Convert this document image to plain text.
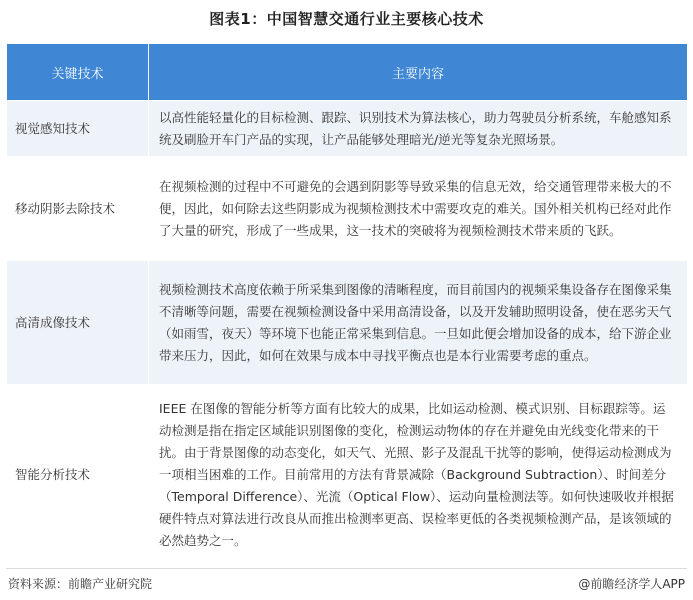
图表1：中国智慧交通行业主要核心技术
关键技术	主要内容
视觉感知技术	以高性能轻量化的目标检测、跟踪、识别技术为算法核心，助力驾驶员分析系统，车舱感知系统及刷脸开车门产品的实现，让产品能够处理暗光/逆光等复杂光照场景。
移动阴影去除技术	在视频检测的过程中不可避免的会遇到阴影等导致采集的信息无效，给交通管理带来极大的不便，因此，如何除去这些阴影成为视频检测技术中需要攻克的难关。国外相关机构已经对此作了大量的研究，形成了一些成果，这一技术的突破将为视频检测技术带来质的飞跃。
高清成像技术	视频检测技术高度依赖于所采集到图像的清晰程度，而目前国内的视频采集设备存在图像采集不清晰等问题，需要在视频检测设备中采用高清设备，以及开发辅助照明设备，使在恶劣天气（如雨雪，夜天）等环境下也能正常采集到信息。一旦如此便会增加设备的成本，给下游企业带来压力，因此，如何在效果与成本中寻找平衡点也是本行业需要考虑的重点。
智能分析技术	IEEE 在图像的智能分析等方面有比较大的成果，比如运动检测、模式识别、目标跟踪等。运动检测是指在指定区域能识别图像的变化，检测运动物体的存在并避免由光线变化带来的干扰。由于背景图像的动态变化，如天气、光照、影子及混乱干扰等的影响，使得运动检测成为一项相当困难的工作。目前常用的方法有背景减除（Background Subtraction）、时间差分（Temporal Difference）、光流（Optical Flow）、运动向量检测法等。如何快速吸收并根据硬件特点对算法进行改良从而推出检测率更高、误检率更低的各类视频检测产品，是该领域的必然趋势之一。
资料来源：前瞻产业研究院	@前瞻经济学人APP
